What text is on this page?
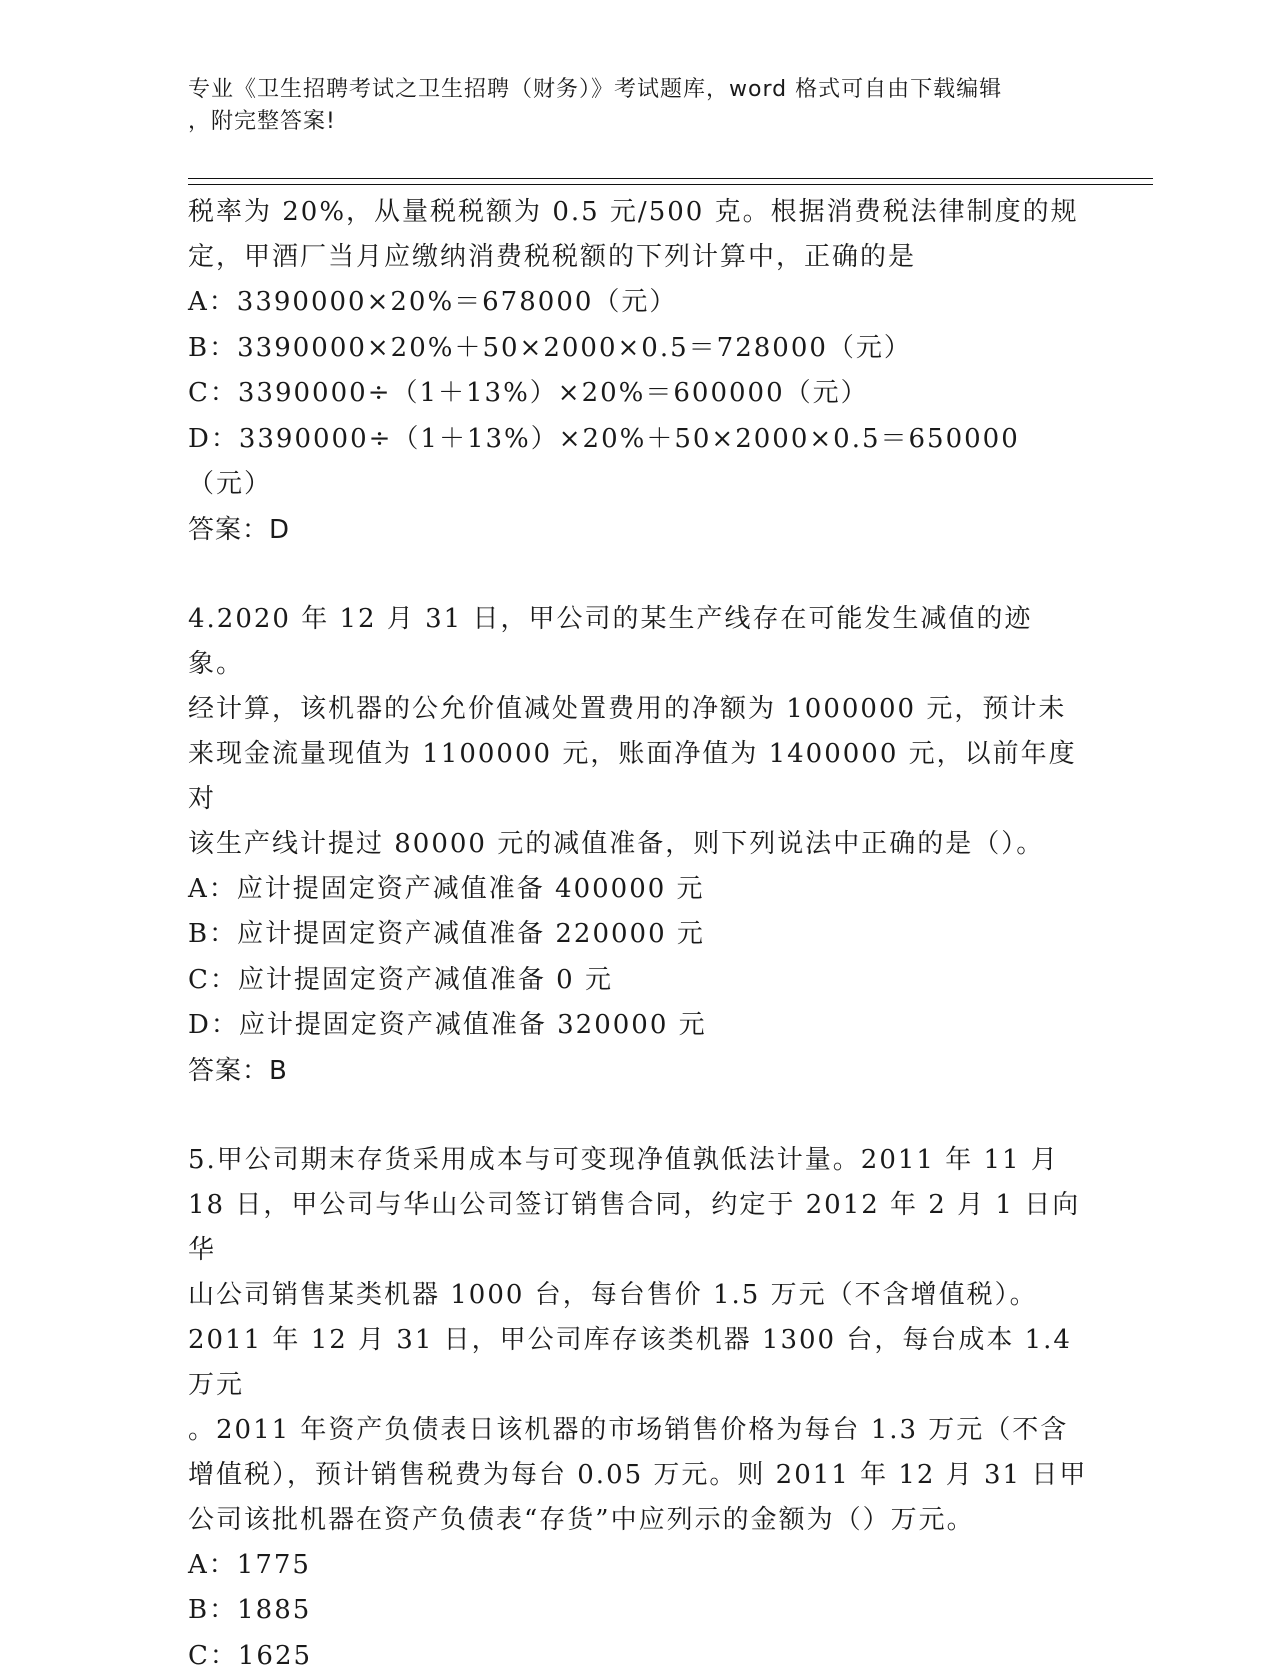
专业《卫生招聘考试之卫生招聘（财务）》考试题库，word 格式可自由下载编辑
，附完整答案!

税率为 20%，从量税税额为 0.5 元/500 克。根据消费税法律制度的规

定，甲酒厂当月应缴纳消费税税额的下列计算中，正确的是

A：3390000×20%＝678000（元）

B：3390000×20%＋50×2000×0.5＝728000（元）

C：3390000÷（1＋13%）×20%＝600000（元）

D：3390000÷（1＋13%）×20%＋50×2000×0.5＝650000（元）

答案：D

4.2020 年 12 月 31 日，甲公司的某生产线存在可能发生减值的迹象。

经计算，该机器的公允价值减处置费用的净额为 1000000 元，预计未

来现金流量现值为 1100000 元，账面净值为 1400000 元，以前年度对

该生产线计提过 80000 元的减值准备，则下列说法中正确的是（）。

A：应计提固定资产减值准备 400000 元

B：应计提固定资产减值准备 220000 元

C：应计提固定资产减值准备 0 元

D：应计提固定资产减值准备 320000 元

答案：B

5.甲公司期末存货采用成本与可变现净值孰低法计量。2011 年 11 月

18 日，甲公司与华山公司签订销售合同，约定于 2012 年 2 月 1 日向华

山公司销售某类机器 1000 台，每台售价 1.5 万元（不含增值税）。

2011 年 12 月 31 日，甲公司库存该类机器 1300 台，每台成本 1.4 万元

。2011 年资产负债表日该机器的市场销售价格为每台 1.3 万元（不含

增值税），预计销售税费为每台 0.05 万元。则 2011 年 12 月 31 日甲

公司该批机器在资产负债表“存货”中应列示的金额为（）万元。

A：1775

B：1885

C：1625
